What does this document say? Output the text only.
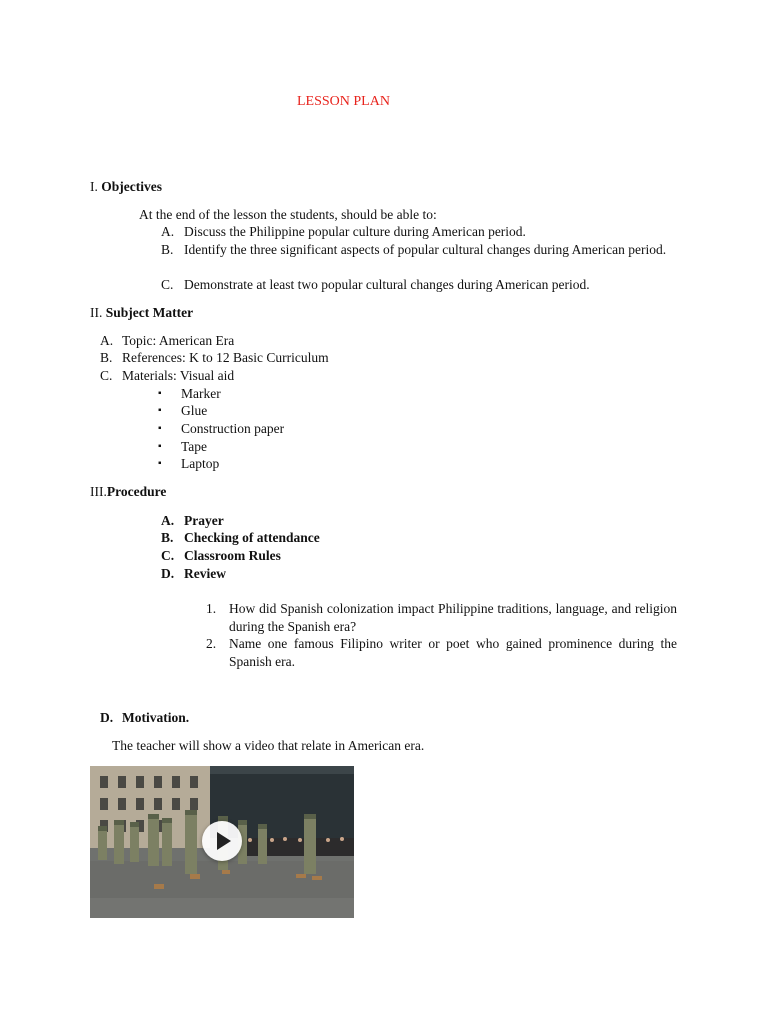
LESSON PLAN
I. Objectives
At the end of the lesson the students, should be able to:
A. Discuss the Philippine popular culture during American period.
B. Identify the three significant aspects of popular cultural changes during American period.
C. Demonstrate at least two popular cultural changes during American period.
II. Subject Matter
A. Topic: American Era
B. References: K to 12 Basic Curriculum
C. Materials: Visual aid
▪ Marker
▪ Glue
▪ Construction paper
▪ Tape
▪ Laptop
III.Procedure
A. Prayer
B. Checking of attendance
C. Classroom Rules
D. Review
1. How did Spanish colonization impact Philippine traditions, language, and religion during the Spanish era?
2. Name one famous Filipino writer or poet who gained prominence during the Spanish era.
D. Motivation.
The teacher will show a video that relate in American era.
